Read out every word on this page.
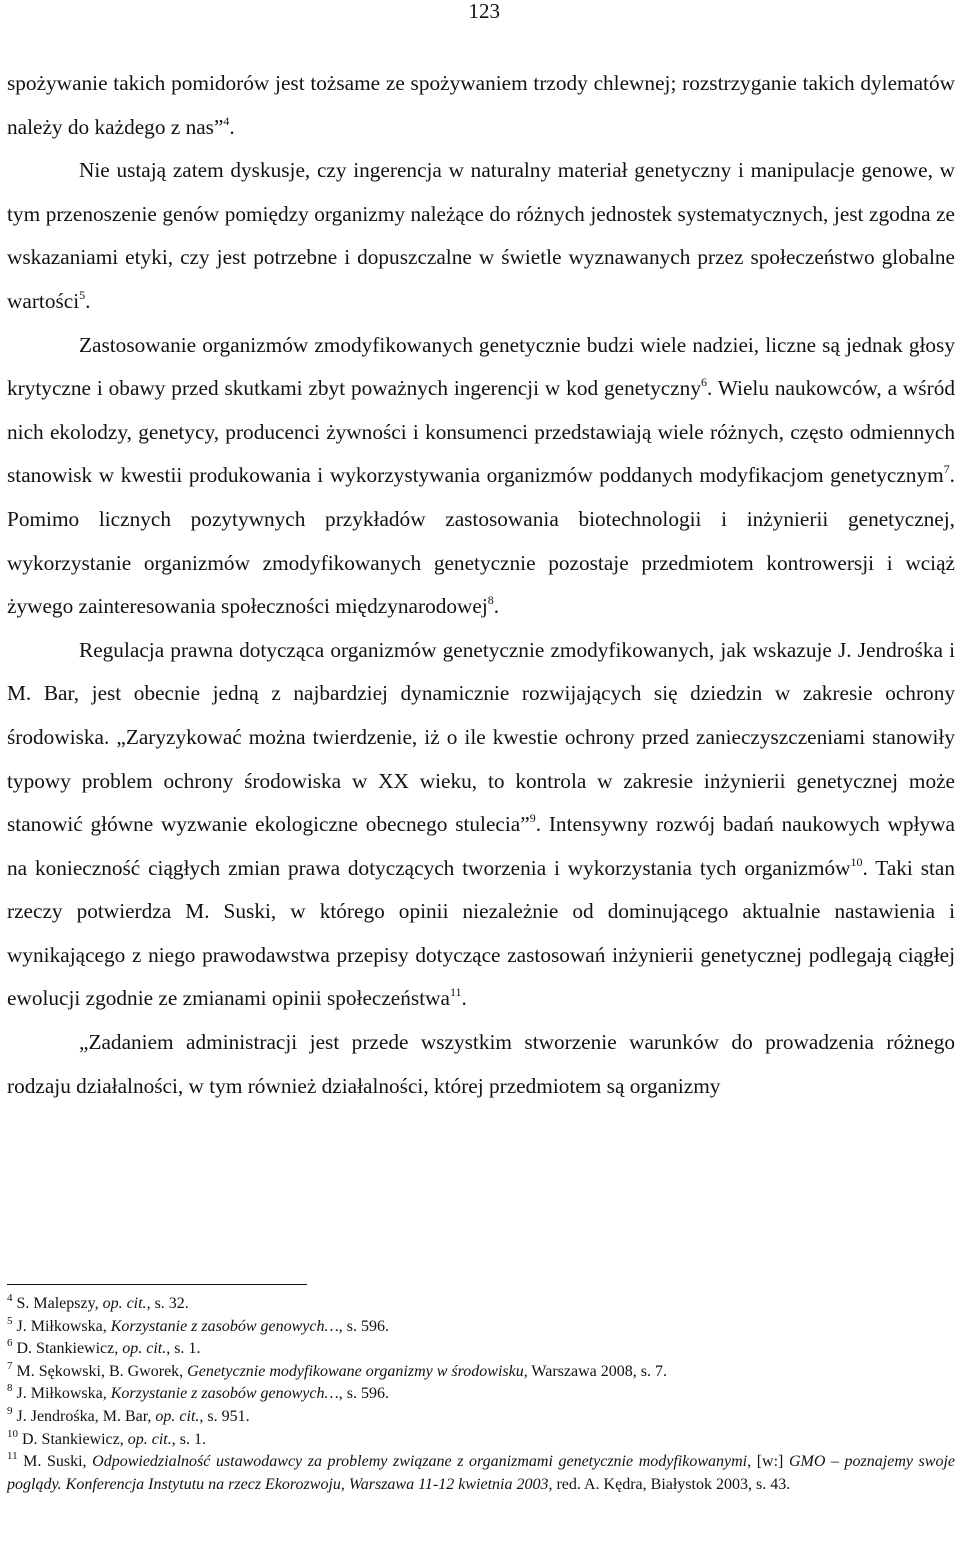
123

spożywanie takich pomidorów jest tożsame ze spożywaniem trzody chlewnej; rozstrzyganie takich dylematów należy do każdego z nas”$^4$.

Nie ustają zatem dyskusje, czy ingerencja w naturalny materiał genetyczny i manipulacje genowe, w tym przenoszenie genów pomiędzy organizmy należące do różnych jednostek systematycznych, jest zgodna ze wskazaniami etyki, czy jest potrzebne i dopuszczalne w świetle wyznawanych przez społeczeństwo globalne wartości$^5$.

Zastosowanie organizmów zmodyfikowanych genetycznie budzi wiele nadziei, liczne są jednak głosy krytyczne i obawy przed skutkami zbyt poważnych ingerencji w kod genetyczny$^6$. Wielu naukowców, a wśród nich ekolodzy, genetycy, producenci żywności i konsumenci przedstawiają wiele różnych, często odmiennych stanowisk w kwestii produkowania i wykorzystywania organizmów poddanych modyfikacjom genetycznym$^7$. Pomimo licznych pozytywnych przykładów zastosowania biotechnologii i inżynierii genetycznej, wykorzystanie organizmów zmodyfikowanych genetycznie pozostaje przedmiotem kontrowersji i wciąż żywego zainteresowania społeczności międzynarodowej$^8$.

Regulacja prawna dotycząca organizmów genetycznie zmodyfikowanych, jak wskazuje J. Jendrośka i M. Bar, jest obecnie jedną z najbardziej dynamicznie rozwijających się dziedzin w zakresie ochrony środowiska. „Zaryzykować można twierdzenie, iż o ile kwestie ochrony przed zanieczyszczeniami stanowiły typowy problem ochrony środowiska w XX wieku, to kontrola w zakresie inżynierii genetycznej może stanowić główne wyzwanie ekologiczne obecnego stulecia”$^9$. Intensywny rozwój badań naukowych wpływa na konieczność ciągłych zmian prawa dotyczących tworzenia i wykorzystania tych organizmów$^{10}$. Taki stan rzeczy potwierdza M. Suski, w którego opinii niezależnie od dominującego aktualnie nastawienia i wynikającego z niego prawodawstwa przepisy dotyczące zastosowań inżynierii genetycznej podlegają ciągłej ewolucji zgodnie ze zmianami opinii społeczeństwa$^{11}$.

„Zadaniem administracji jest przede wszystkim stworzenie warunków do prowadzenia różnego rodzaju działalności, w tym również działalności, której przedmiotem są organizmy

$^4$ S. Malepszy, op. cit., s. 32.

$^5$ J. Miłkowska, Korzystanie z zasobów genowych…, s. 596.

$^6$ D. Stankiewicz, op. cit., s. 1.

$^7$ M. Sękowski, B. Gworek, Genetycznie modyfikowane organizmy w środowisku, Warszawa 2008, s. 7.

$^8$ J. Miłkowska, Korzystanie z zasobów genowych…, s. 596.

$^9$ J. Jendrośka, M. Bar, op. cit., s. 951.

$^{10}$ D. Stankiewicz, op. cit., s. 1.

$^{11}$ M. Suski, Odpowiedzialność ustawodawcy za problemy związane z organizmami genetycznie modyfikowanymi, [w:] GMO – poznajemy swoje poglądy. Konferencja Instytutu na rzecz Ekorozwoju, Warszawa 11-12 kwietnia 2003, red. A. Kędra, Białystok 2003, s. 43.
